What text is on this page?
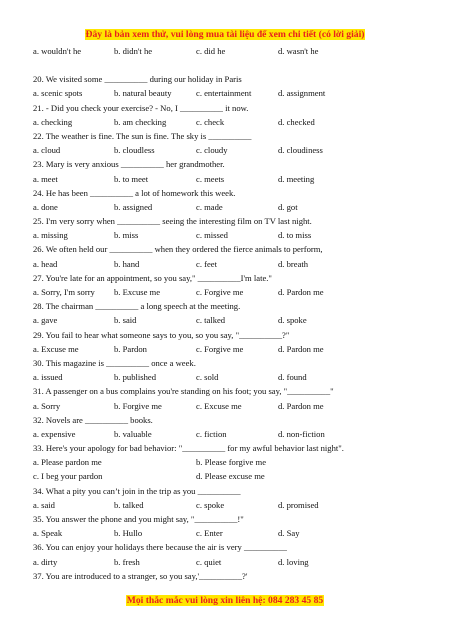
Đây là bản xem thử, vui lòng mua tài liệu để xem chi tiết (có lời giải)
a. wouldn't he	b. didn't he	c. did he	d. wasn't he
20. We visited some __________ during our holiday in Paris
a. scenic spots	b. natural beauty	c. entertainment	d. assignment
21. - Did you check your exercise? - No, I __________ it now.
a. checking	b. am checking	c. check	d. checked
22. The weather is fine. The sun is fine. The sky is __________
a. cloud	b. cloudless	c. cloudy	d. cloudiness
23. Mary is very anxious __________ her grandmother.
a. meet	b. to meet	c. meets	d. meeting
24. He has been __________ a lot of homework this week.
a. done	b. assigned	c. made	d. got
25. I'm very sorry when __________ seeing the interesting film on TV last night.
a. missing	b. miss	c. missed	d. to miss
26. We often held our __________ when they ordered the fierce animals to perform,
a. head	b. hand	c. feet	d. breath
27. You're late for an appointment, so you say," __________I'm late."
a. Sorry, I'm sorry b. Excuse me	c. Forgive me	d. Pardon me
28. The chairman __________ a long speech at the meeting.
a. gave	b. said	c. talked	d. spoke
29. You fail to hear what someone says to you, so you say, "__________?"
a. Excuse me	b. Pardon	c. Forgive me	d. Pardon me
30. This magazine is __________ once a week.
a. issued	b. published	c. sold	d. found
31. A passenger on a bus complains you're standing on his foot; you say, "__________"
a. Sorry	b. Forgive me	c. Excuse me	d. Pardon me
32. Novels are __________ books.
a. expensive	b. valuable	c. fiction	d. non-fiction
33. Here's your apology for bad behavior: "__________ for my awful behavior last night".
a. Please pardon me	b. Please forgive me
c. I beg your pardon	d. Please excuse me
34. What a pity you can’t join in the trip as you __________
a. said	b. talked	c. spoke	d. promised
35. You answer the phone and you might say, "__________!"
a. Speak	b. Hullo	c. Enter	d. Say
36. You can enjoy your holidays there because the air is very __________
a. dirty	b. fresh	c. quiet	d. loving
37. You are introduced to a stranger, so you say,'__________?'
Mọi thắc mắc vui lòng xin liên hệ: 084 283 45 85
